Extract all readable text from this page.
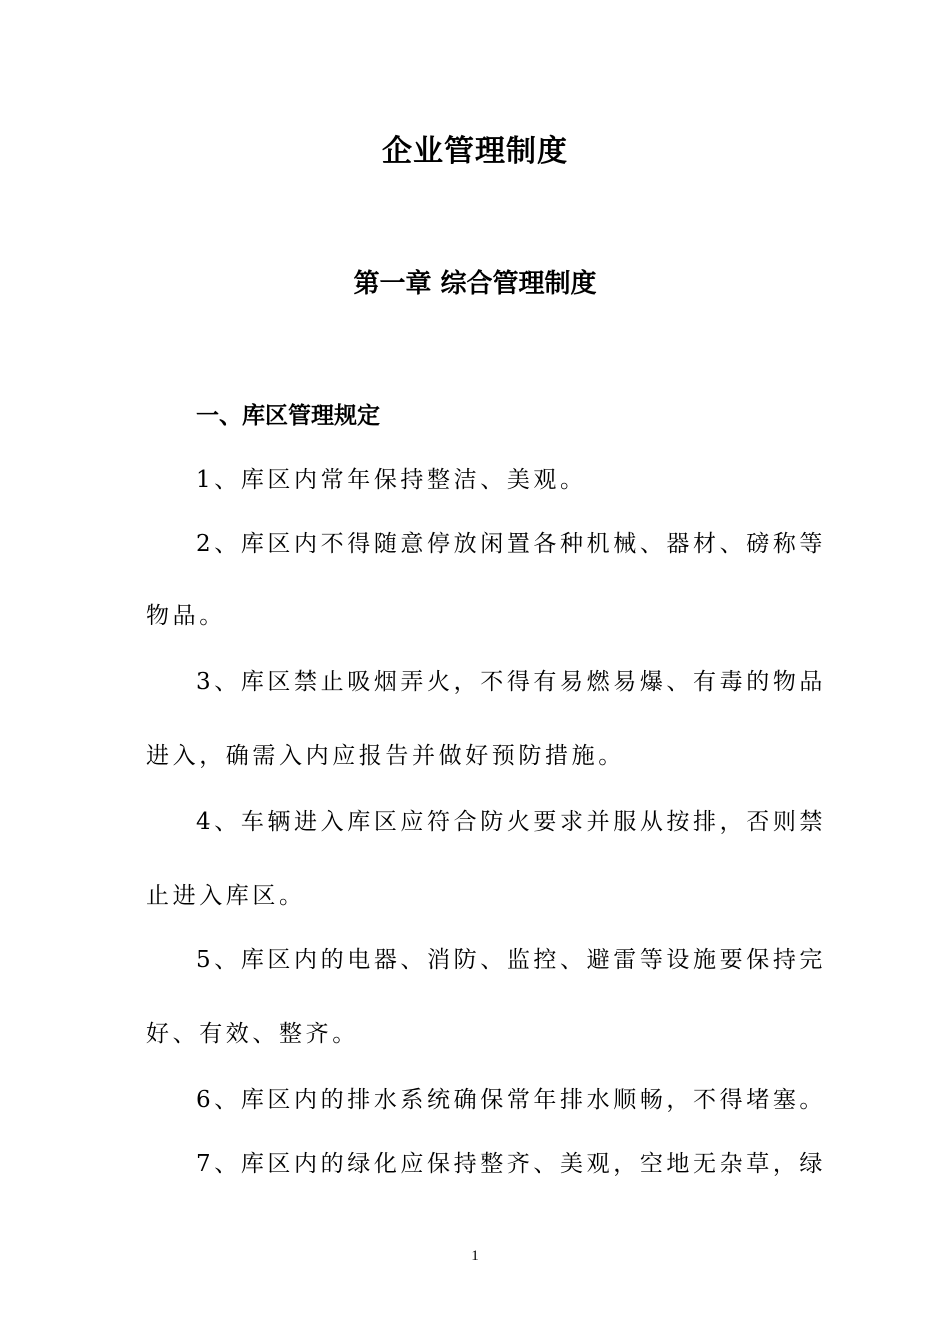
企业管理制度
第一章 综合管理制度
一、库区管理规定
1、库区内常年保持整洁、美观。
2、库区内不得随意停放闲置各种机械、器材、磅称等
物品。
3、库区禁止吸烟弄火，不得有易燃易爆、有毒的物品
进入，确需入内应报告并做好预防措施。
4、车辆进入库区应符合防火要求并服从按排，否则禁
止进入库区。
5、库区内的电器、消防、监控、避雷等设施要保持完
好、有效、整齐。
6、库区内的排水系统确保常年排水顺畅，不得堵塞。
7、库区内的绿化应保持整齐、美观，空地无杂草，绿
1
